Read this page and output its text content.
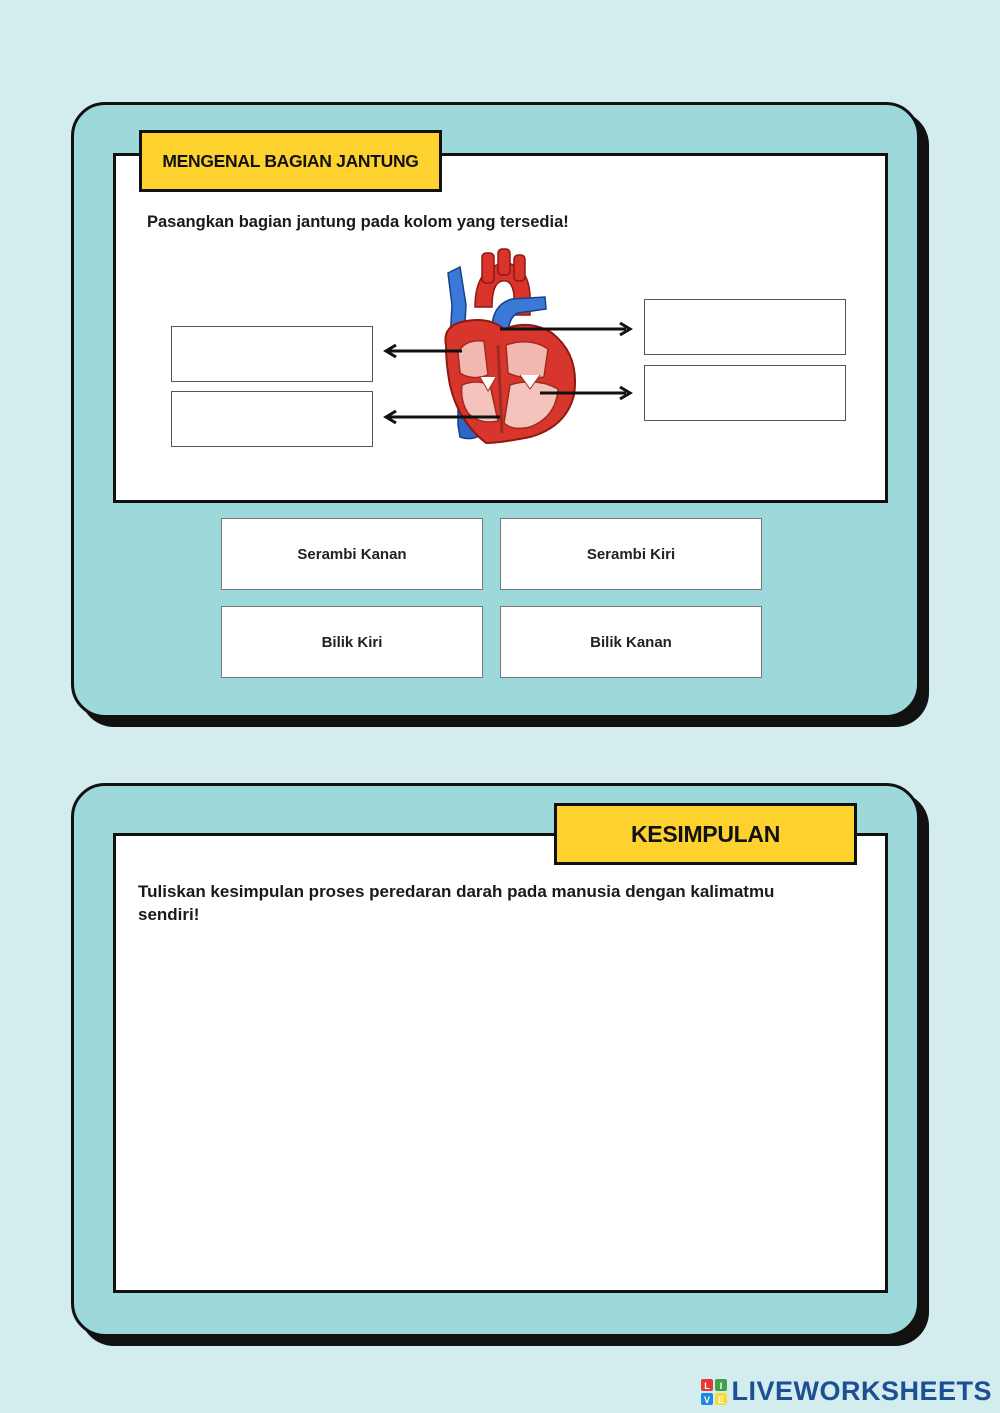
MENGENAL BAGIAN JANTUNG
Pasangkan bagian jantung pada kolom yang tersedia!
Serambi Kanan	Serambi Kiri
Bilik Kiri	Bilik Kanan
KESIMPULAN
Tuliskan kesimpulan proses peredaran darah pada manusia dengan kalimatmu sendiri!
L I
V E LIVEWORKSHEETS
